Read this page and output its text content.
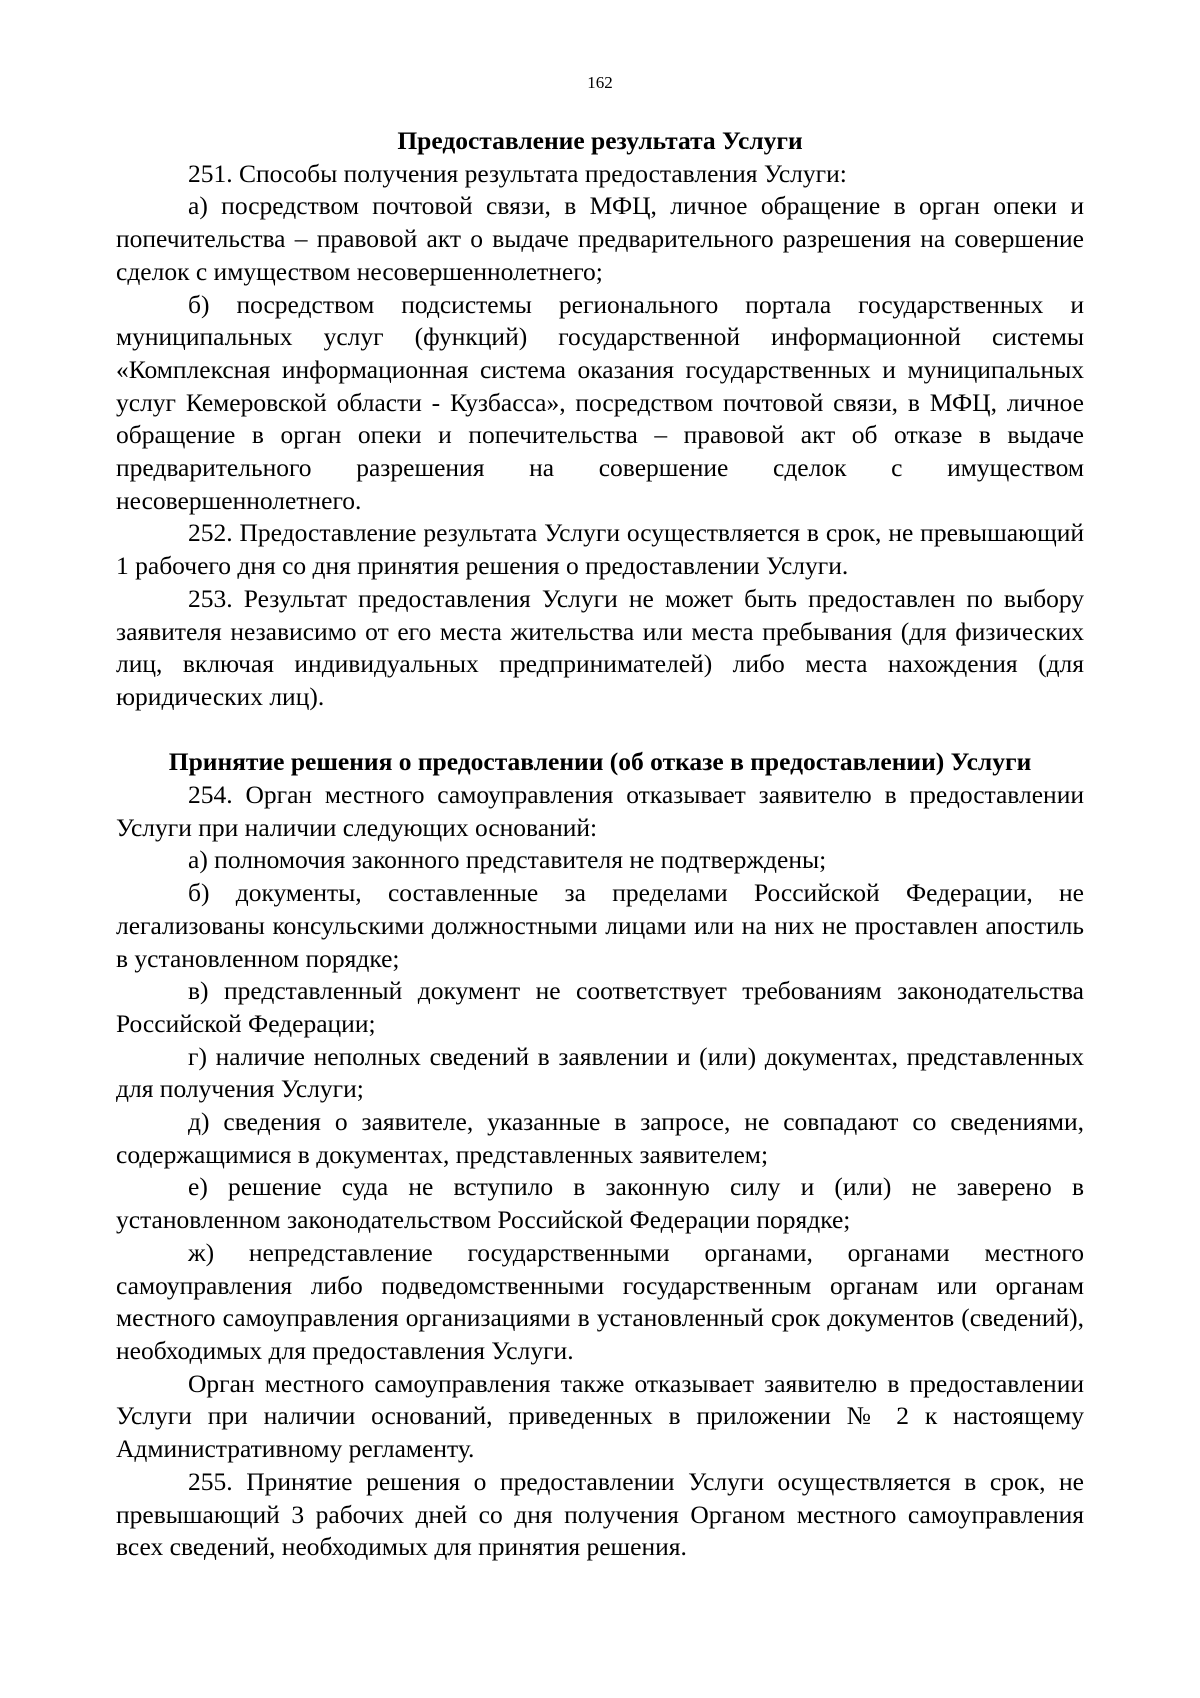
162

Предоставление результата Услуги

251. Способы получения результата предоставления Услуги:

а) посредством почтовой связи, в МФЦ, личное обращение в орган опеки и попечительства – правовой акт о выдаче предварительного разрешения на совершение сделок с имуществом несовершеннолетнего;

б) посредством подсистемы регионального портала государственных и муниципальных услуг (функций) государственной информационной системы «Комплексная информационная система оказания государственных и муниципальных услуг Кемеровской области - Кузбасса», посредством почтовой связи, в МФЦ, личное обращение в орган опеки и попечительства – правовой акт об отказе в выдаче предварительного разрешения на совершение сделок с имуществом несовершеннолетнего.

252. Предоставление результата Услуги осуществляется в срок, не превышающий 1 рабочего дня со дня принятия решения о предоставлении Услуги.

253. Результат предоставления Услуги не может быть предоставлен по выбору заявителя независимо от его места жительства или места пребывания (для физических лиц, включая индивидуальных предпринимателей) либо места нахождения (для юридических лиц).

Принятие решения о предоставлении (об отказе в предоставлении) Услуги

254. Орган местного самоуправления отказывает заявителю в предоставлении Услуги при наличии следующих оснований:

а) полномочия законного представителя не подтверждены;

б) документы, составленные за пределами Российской Федерации, не легализованы консульскими должностными лицами или на них не проставлен апостиль в установленном порядке;

в) представленный документ не соответствует требованиям законодательства Российской Федерации;

г) наличие неполных сведений в заявлении и (или) документах, представленных для получения Услуги;

д) сведения о заявителе, указанные в запросе, не совпадают со сведениями, содержащимися в документах, представленных заявителем;

е) решение суда не вступило в законную силу и (или) не заверено в установленном законодательством Российской Федерации порядке;

ж) непредставление государственными органами, органами местного самоуправления либо подведомственными государственным органам или органам местного самоуправления организациями в установленный срок документов (сведений), необходимых для предоставления Услуги.

Орган местного самоуправления также отказывает заявителю в предоставлении Услуги при наличии оснований, приведенных в приложении № 2 к настоящему Административному регламенту.

255. Принятие решения о предоставлении Услуги осуществляется в срок, не превышающий 3 рабочих дней со дня получения Органом местного самоуправления всех сведений, необходимых для принятия решения.
